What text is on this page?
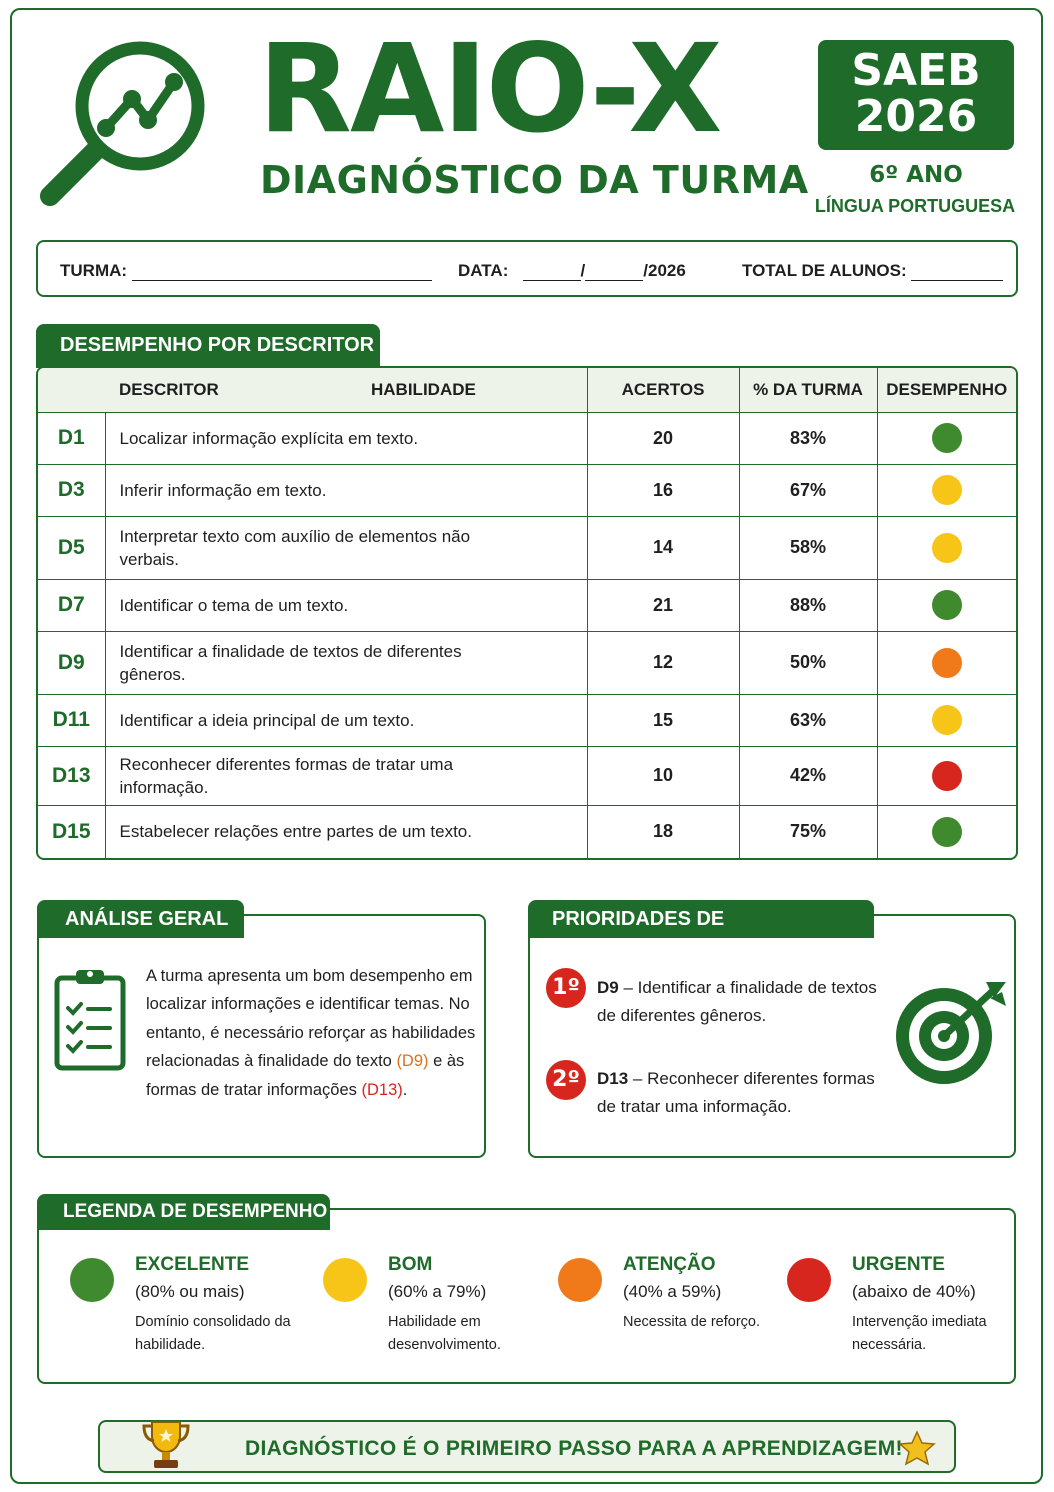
RAIO-X
DIAGNÓSTICO DA TURMA
SAEB
2026
6º ANO
LÍNGUA PORTUGUESA
TURMA:	DATA:	/	/2026	TOTAL DE ALUNOS:
DESEMPENHO POR DESCRITOR
DESCRITOR HABILIDADE		ACERTOS	% DA TURMA	DESEMPENHO
D1	Localizar informação explícita em texto.	20	83%	
D3	Inferir informação em texto.	16	67%	
D5	Interpretar texto com auxílio de elementos não verbais.	14	58%	
D7	Identificar o tema de um texto.	21	88%	
D9	Identificar a finalidade de textos de diferentes gêneros.	12	50%	
D11	Identificar a ideia principal de um texto.	15	63%	
D13	Reconhecer diferentes formas de tratar uma informação.	10	42%	
D15	Estabelecer relações entre partes de um texto.	18	75%	
ANÁLISE GERAL
A turma apresenta um bom desempenho em localizar informações e identificar temas. No entanto, é necessário reforçar as habilidades relacionadas à finalidade do texto (D9) e às formas de tratar informações (D13).
PRIORIDADES DE INTERVENÇÃO
1º	D9 – Identificar a finalidade de textos de diferentes gêneros.
2º	D13 – Reconhecer diferentes formas de tratar uma informação.
LEGENDA DE DESEMPENHO
EXCELENTE
(80% ou mais)
Domínio consolidado da habilidade.
BOM
(60% a 79%)
Habilidade em desenvolvimento.
ATENÇÃO
(40% a 59%)
Necessita de reforço.
URGENTE
(abaixo de 40%)
Intervenção imediata necessária.
DIAGNÓSTICO É O PRIMEIRO PASSO PARA A APRENDIZAGEM!
